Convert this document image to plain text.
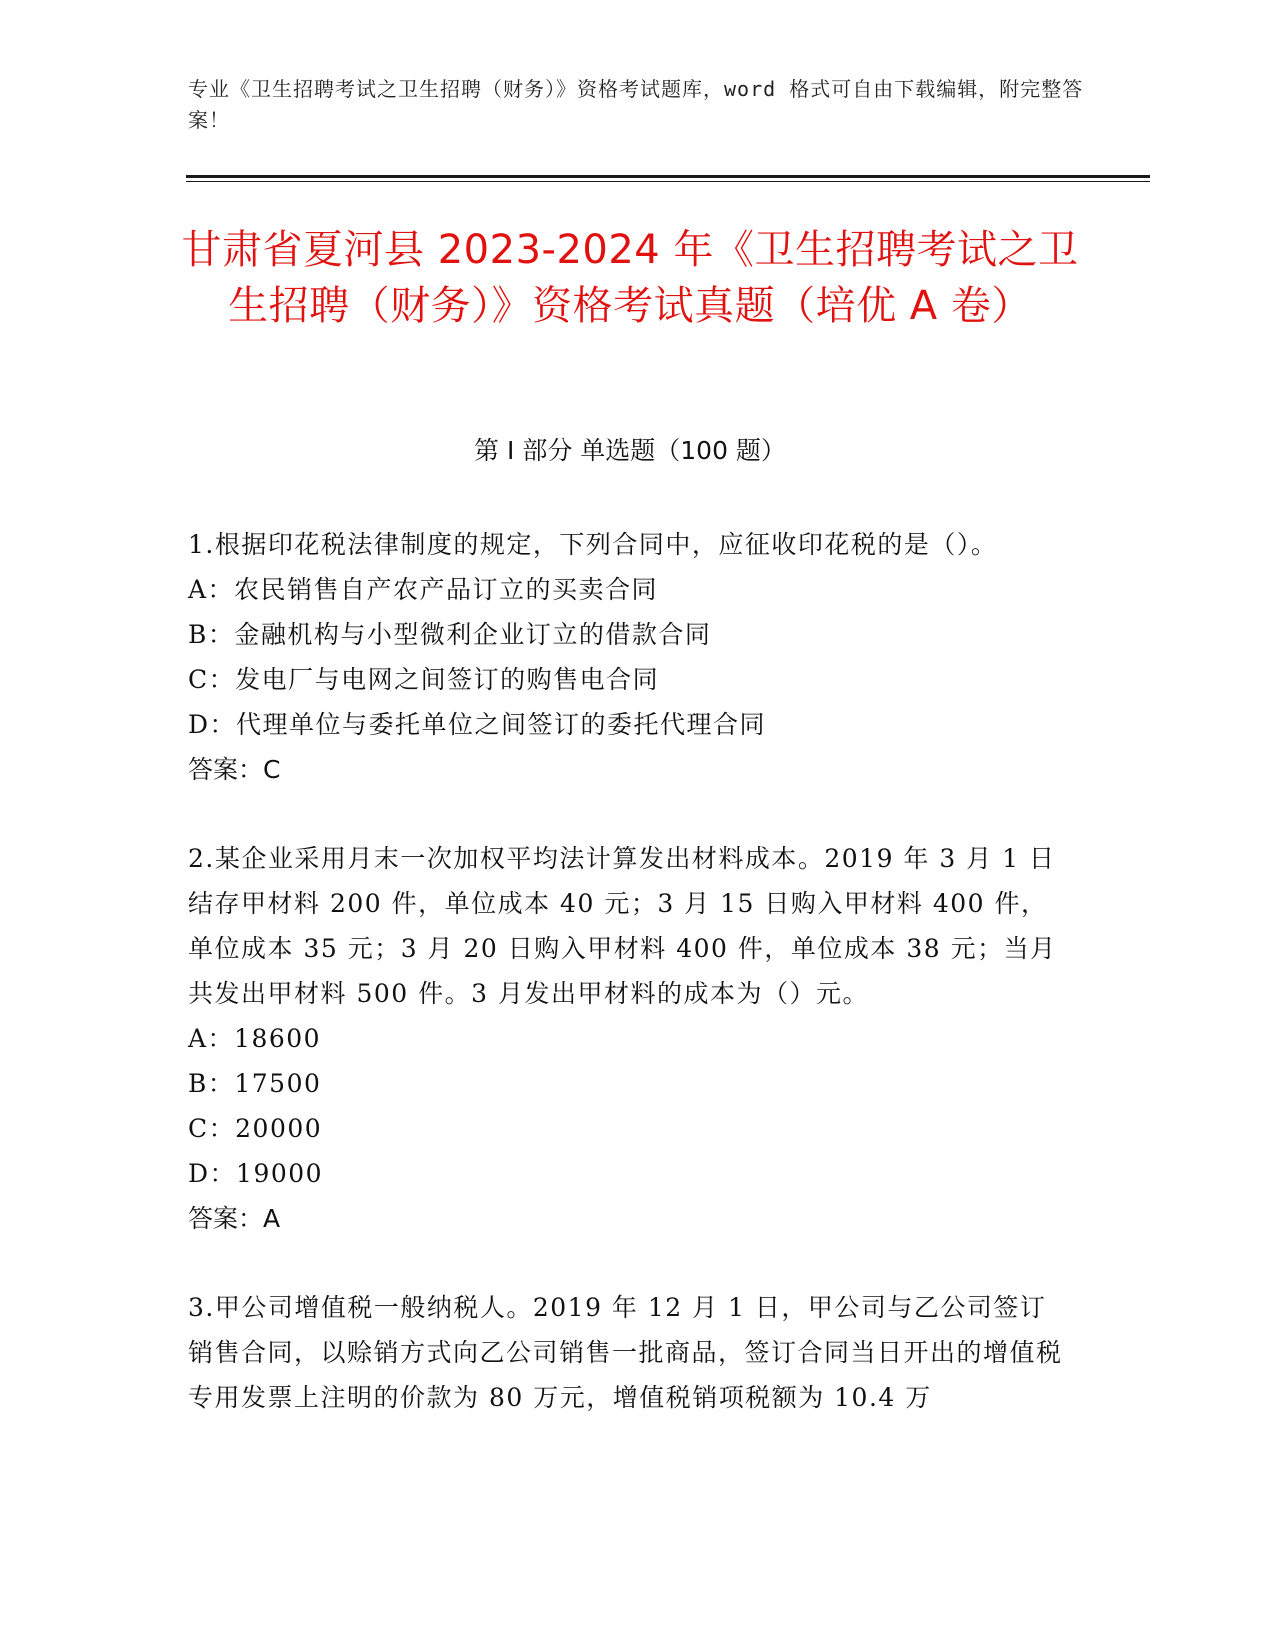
专业《卫生招聘考试之卫生招聘（财务）》资格考试题库，word 格式可自由下载编辑，附完整答案！
甘肃省夏河县 2023-2024 年《卫生招聘考试之卫生招聘（财务）》资格考试真题（培优 A 卷）
第 I 部分 单选题（100 题）
1.根据印花税法律制度的规定，下列合同中，应征收印花税的是（）。
A：农民销售自产农产品订立的买卖合同
B：金融机构与小型微利企业订立的借款合同
C：发电厂与电网之间签订的购售电合同
D：代理单位与委托单位之间签订的委托代理合同
答案：C
2.某企业采用月末一次加权平均法计算发出材料成本。2019 年 3 月 1 日结存甲材料 200 件，单位成本 40 元；3 月 15 日购入甲材料 400 件，单位成本 35 元；3 月 20 日购入甲材料 400 件，单位成本 38 元；当月共发出甲材料 500 件。3 月发出甲材料的成本为（）元。
A：18600
B：17500
C：20000
D：19000
答案：A
3.甲公司增值税一般纳税人。2019 年 12 月 1 日，甲公司与乙公司签订销售合同，以赊销方式向乙公司销售一批商品，签订合同当日开出的增值税专用发票上注明的价款为 80 万元，增值税销项税额为 10.4 万
